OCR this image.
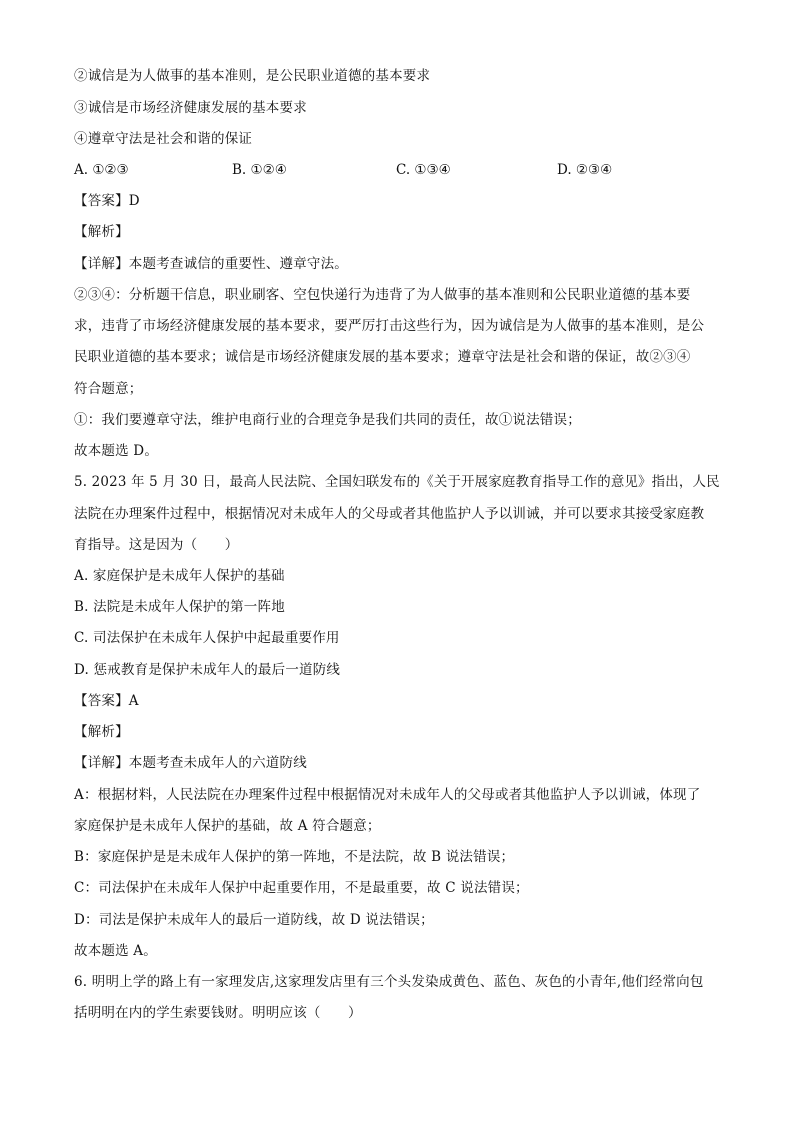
②诚信是为人做事的基本准则，是公民职业道德的基本要求
③诚信是市场经济健康发展的基本要求
④遵章守法是社会和谐的保证
A. ①②③	B. ①②④	C. ①③④	D. ②③④
【答案】D
【解析】
【详解】本题考查诚信的重要性、遵章守法。
②③④：分析题干信息，职业刷客、空包快递行为违背了为人做事的基本准则和公民职业道德的基本要
求，违背了市场经济健康发展的基本要求，要严厉打击这些行为，因为诚信是为人做事的基本准则，是公
民职业道德的基本要求；诚信是市场经济健康发展的基本要求；遵章守法是社会和谐的保证，故②③④
符合题意；
①：我们要遵章守法，维护电商行业的合理竞争是我们共同的责任，故①说法错误；
故本题选 D。
5. 2023 年 5 月 30 日，最高人民法院、全国妇联发布的《关于开展家庭教育指导工作的意见》指出，人民
法院在办理案件过程中，根据情况对未成年人的父母或者其他监护人予以训诫，并可以要求其接受家庭教
育指导。这是因为（　　）
A. 家庭保护是未成年人保护的基础
B. 法院是未成年人保护的第一阵地
C. 司法保护在未成年人保护中起最重要作用
D. 惩戒教育是保护未成年人的最后一道防线
【答案】A
【解析】
【详解】本题考查未成年人的六道防线
A：根据材料，人民法院在办理案件过程中根据情况对未成年人的父母或者其他监护人予以训诫，体现了
家庭保护是未成年人保护的基础，故 A 符合题意；
B：家庭保护是是未成年人保护的第一阵地，不是法院，故 B 说法错误；
C：司法保护在未成年人保护中起重要作用，不是最重要，故 C 说法错误；
D：司法是保护未成年人的最后一道防线，故 D 说法错误；
故本题选 A。
6. 明明上学的路上有一家理发店,这家理发店里有三个头发染成黄色、蓝色、灰色的小青年,他们经常向包
括明明在内的学生索要钱财。明明应该（　　）
